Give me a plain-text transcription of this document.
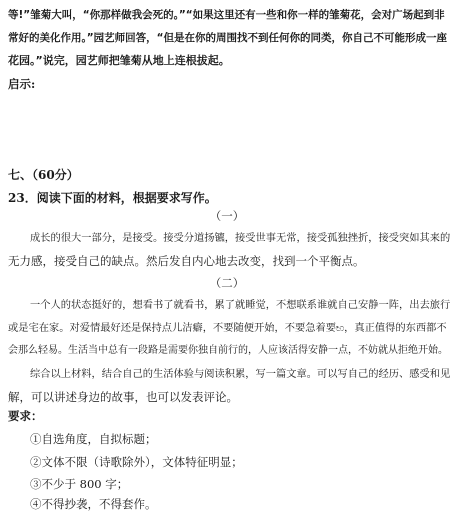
等!”雏菊大叫，“你那样做我会死的。”“如果这里还有一些和你一样的雏菊花，会对广场起到非
常好的美化作用。”园艺师回答，“但是在你的周围找不到任何你的同类，你自己不可能形成一座
花园。”说完，园艺师把雏菊从地上连根拔起。
启示:
七、（60分）
23．阅读下面的材料，根据要求写作。
（一）
成长的很大一部分，是接受。接受分道扬镳，接受世事无常，接受孤独挫折，接受突如其来的
无力感，接受自己的缺点。然后发自内心地去改变，找到一个平衡点。
（二）
一个人的状态挺好的，想看书了就看书，累了就睡觉，不想联系谁就自己安静一阵，出去旅行
或是宅在家。对爱情最好还是保持点儿洁癖，不要随便开始，不要急着要භ，真正值得的东西都不
会那么轻易。生活当中总有一段路是需要你独自前行的，人应该活得安静一点，不妨就从拒绝开始。
综合以上材料，结合自己的生活体验与阅读积累，写一篇文章。可以写自己的经历、感受和见
解，可以讲述身边的故事，也可以发表评论。
要求：
①自选角度，自拟标题；
②文体不限（诗歌除外），文体特征明显；
③不少于 800 字；
④不得抄袭，不得套作。
